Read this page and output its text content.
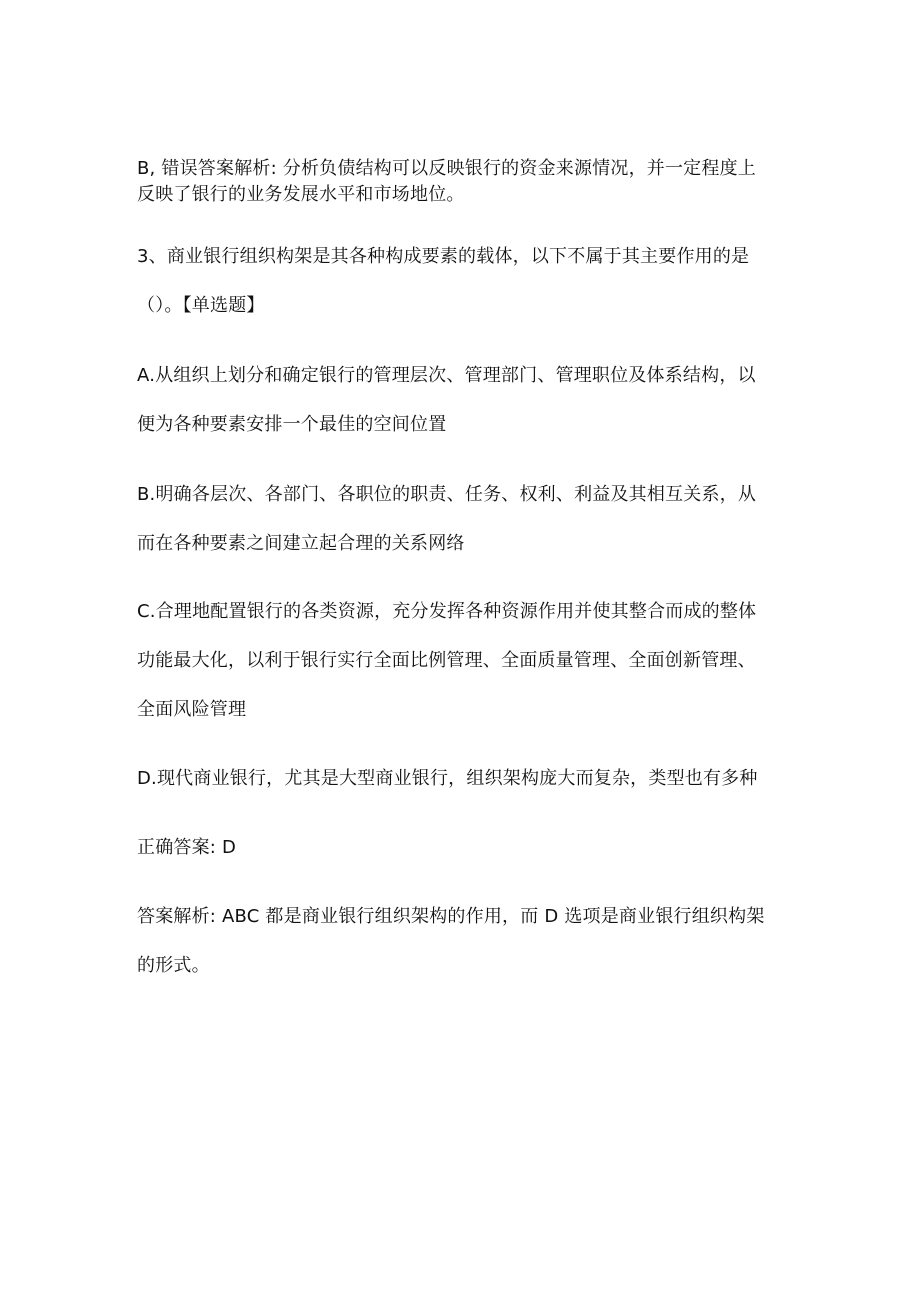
B, 错误答案解析: 分析负债结构可以反映银行的资金来源情况，并一定程度上
反映了银行的业务发展水平和市场地位。
3、商业银行组织构架是其各种构成要素的载体，以下不属于其主要作用的是
（）。【单选题】
A.从组织上划分和确定银行的管理层次、管理部门、管理职位及体系结构，以
便为各种要素安排一个最佳的空间位置
B.明确各层次、各部门、各职位的职责、任务、权利、利益及其相互关系，从
而在各种要素之间建立起合理的关系网络
C.合理地配置银行的各类资源，充分发挥各种资源作用并使其整合而成的整体
功能最大化，以利于银行实行全面比例管理、全面质量管理、全面创新管理、
全面风险管理
D.现代商业银行，尤其是大型商业银行，组织架构庞大而复杂，类型也有多种
正确答案: D
答案解析: ABC 都是商业银行组织架构的作用，而 D 选项是商业银行组织构架
的形式。
